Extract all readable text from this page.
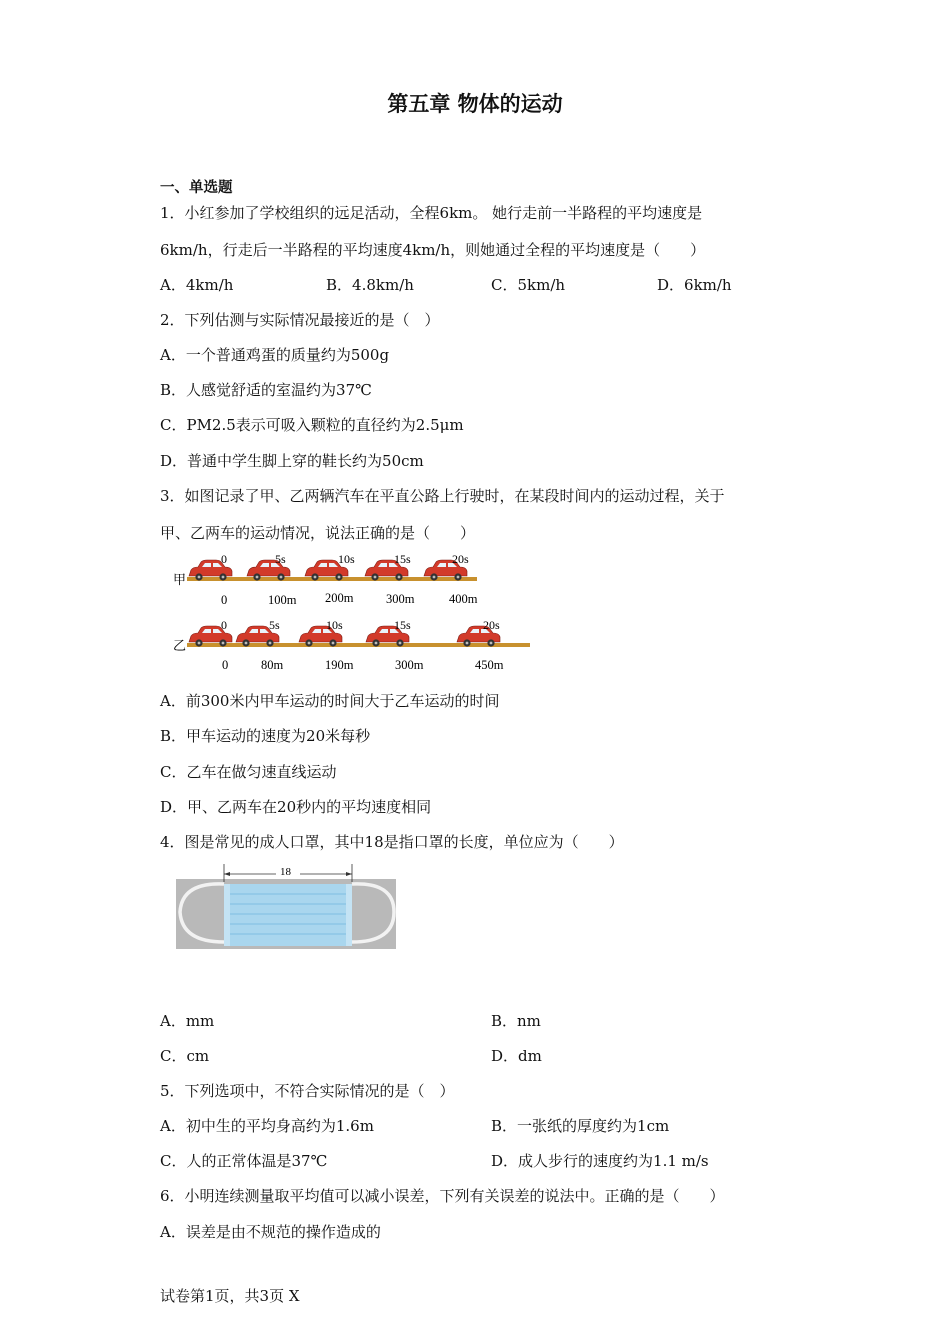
第五章 物体的运动
一、单选题
1．小红参加了学校组织的远足活动，全程6km。 她行走前一半路程的平均速度是
6km/h，行走后一半路程的平均速度4km/h，则她通过全程的平均速度是（　　）
A．4km/h	B．4.8km/h	C．5km/h	D．6km/h
2．下列估测与实际情况最接近的是（　）
A．一个普通鸡蛋的质量约为500g
B．人感觉舒适的室温约为37℃
C．PM2.5表示可吸入颗粒的直径约为2.5μm
D．普通中学生脚上穿的鞋长约为50cm
3．如图记录了甲、乙两辆汽车在平直公路上行驶时，在某段时间内的运动过程，关于
甲、乙两车的运动情况，说法正确的是（　　）
甲
0	5s	10s	15s	20s
0	100m 200m	300m	400m
乙
0	5s	10s	15s	20s
0	80m	190m	300m	450m
A．前300米内甲车运动的时间大于乙车运动的时间
B．甲车运动的速度为20米每秒
C．乙车在做匀速直线运动
D．甲、乙两车在20秒内的平均速度相同
4．图是常见的成人口罩，其中18是指口罩的长度，单位应为（　　）
18
A．mm	B．nm
C．cm	D．dm
5．下列选项中，不符合实际情况的是（　）
A．初中生的平均身高约为1.6m	B．一张纸的厚度约为1cm
C．人的正常体温是37℃	D．成人步行的速度约为1.1 m/s
6．小明连续测量取平均值可以减小误差，下列有关误差的说法中。正确的是（　　）
A．误差是由不规范的操作造成的
试卷第1页，共3页 X
